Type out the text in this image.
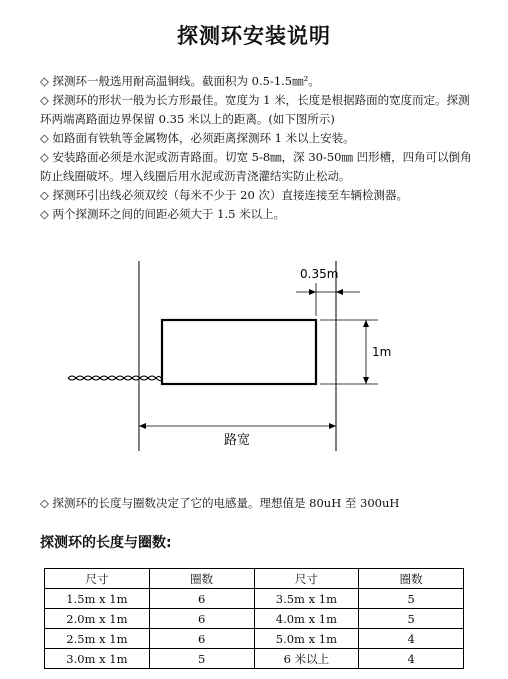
探测环安装说明

◇ 探测环一般选用耐高温铜线。截面积为 0.5-1.5㎜²。

◇ 探测环的形状一般为长方形最佳。宽度为 1 米，长度是根据路面的宽度而定。探测环两端离路面边界保留 0.35 米以上的距离。(如下图所示)

◇ 如路面有铁轨等金属物体，必须距离探测环 1 米以上安装。

◇ 安装路面必须是水泥或沥青路面。切宽 5-8㎜，深 30-50㎜ 凹形槽，四角可以倒角防止线圈破坏。埋入线圈后用水泥或沥青浇灌结实防止松动。

◇ 探测环引出线必须双绞（每米不少于 20 次）直接连接至车辆检测器。

◇ 两个探测环之间的间距必须大于 1.5 米以上。

0.35m
1m
路宽
◇ 探测环的长度与圈数决定了它的电感量。理想值是 80uH 至 300uH
探测环的长度与圈数:
尺寸	圈数	尺寸	圈数
1.5m x 1m	6	3.5m x 1m	5
2.0m x 1m	6	4.0m x 1m	5
2.5m x 1m	6	5.0m x 1m	4
3.0m x 1m	5	6 米以上	4
